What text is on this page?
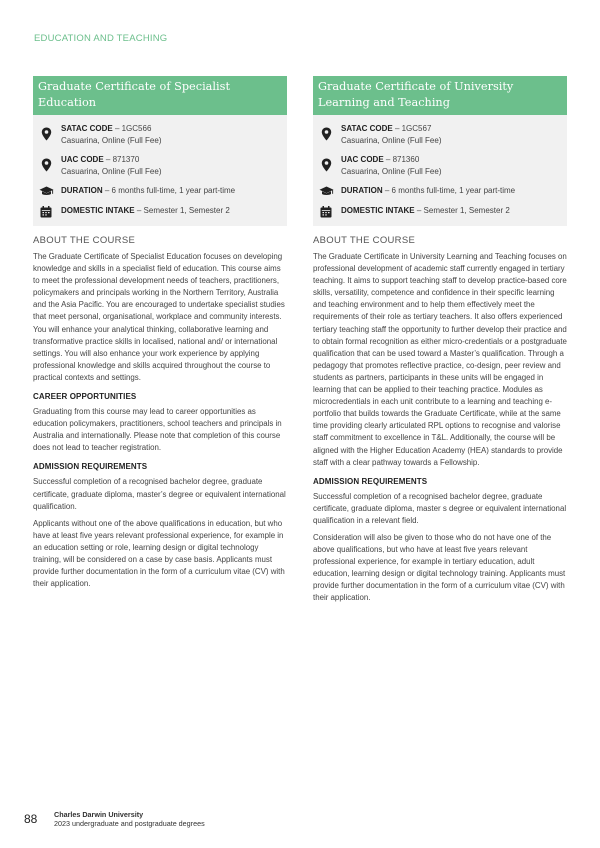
EDUCATION AND TEACHING
Graduate Certificate of Specialist Education
SATAC CODE – 1GC566
Casuarina, Online (Full Fee)
UAC CODE – 871370
Casuarina, Online (Full Fee)
DURATION – 6 months full-time, 1 year part-time
DOMESTIC INTAKE – Semester 1, Semester 2
ABOUT THE COURSE

The Graduate Certificate of Specialist Education focuses on developing knowledge and skills in a specialist field of education. This course aims to meet the professional development needs of teachers, practitioners, policymakers and principals working in the Northern Territory, Australia and the Asia Pacific. You are encouraged to undertake specialist studies that meet personal, organisational, workplace and community interests. You will enhance your analytical thinking, collaborative learning and transformative practice skills in localised, national and/ or international settings. You will also enhance your work experience by applying professional knowledge and skills acquired throughout the course to practical contexts and settings.

CAREER OPPORTUNITIES

Graduating from this course may lead to career opportunities as education policymakers, practitioners, school teachers and principals in Australia and internationally. Please note that completion of this course does not lead to teacher registration.

ADMISSION REQUIREMENTS

Successful completion of a recognised bachelor degree, graduate certificate, graduate diploma, master’s degree or equivalent international qualification.

Applicants without one of the above qualifications in education, but who have at least five years relevant professional experience, for example in an education setting or role, learning design or digital technology training, will be considered on a case by case basis. Applicants must provide further documentation in the form of a curriculum vitae (CV) with their application.

Graduate Certificate of University Learning and Teaching
SATAC CODE – 1GC567
Casuarina, Online (Full Fee)
UAC CODE – 871360
Casuarina, Online (Full Fee)
DURATION – 6 months full-time, 1 year part-time
DOMESTIC INTAKE – Semester 1, Semester 2
ABOUT THE COURSE

The Graduate Certificate in University Learning and Teaching focuses on professional development of academic staff currently engaged in tertiary teaching. It aims to support teaching staff to develop practice-based core skills, versatility, competence and confidence in their specific learning and teaching environment and to help them effectively meet the requirements of their role as tertiary teachers. It also offers experienced tertiary teaching staff the opportunity to further develop their practice and to obtain formal recognition as either micro-credentials or a postgraduate qualification that can be used toward a Master’s qualification. Through a pedagogy that promotes reflective practice, co-design, peer review and students as partners, participants in these units will be engaged in learning that can be applied to their teaching practice. Modules as microcredentials in each unit contribute to a learning and teaching e-portfolio that builds towards the Graduate Certificate, while at the same time providing clearly articulated RPL options to recognise and valorise staff commitment to excellence in T&L. Additionally, the course will be aligned with the Higher Education Academy (HEA) standards to provide staff with a clear pathway towards a Fellowship.

ADMISSION REQUIREMENTS

Successful completion of a recognised bachelor degree, graduate certificate, graduate diploma, master s degree or equivalent international qualification in a relevant field.

Consideration will also be given to those who do not have one of the above qualifications, but who have at least five years relevant professional experience, for example in tertiary education, adult education, learning design or digital technology training. Applicants must provide further documentation in the form of a curriculum vitae (CV) with their application.

88	Charles Darwin University
2023 undergraduate and postgraduate degrees
